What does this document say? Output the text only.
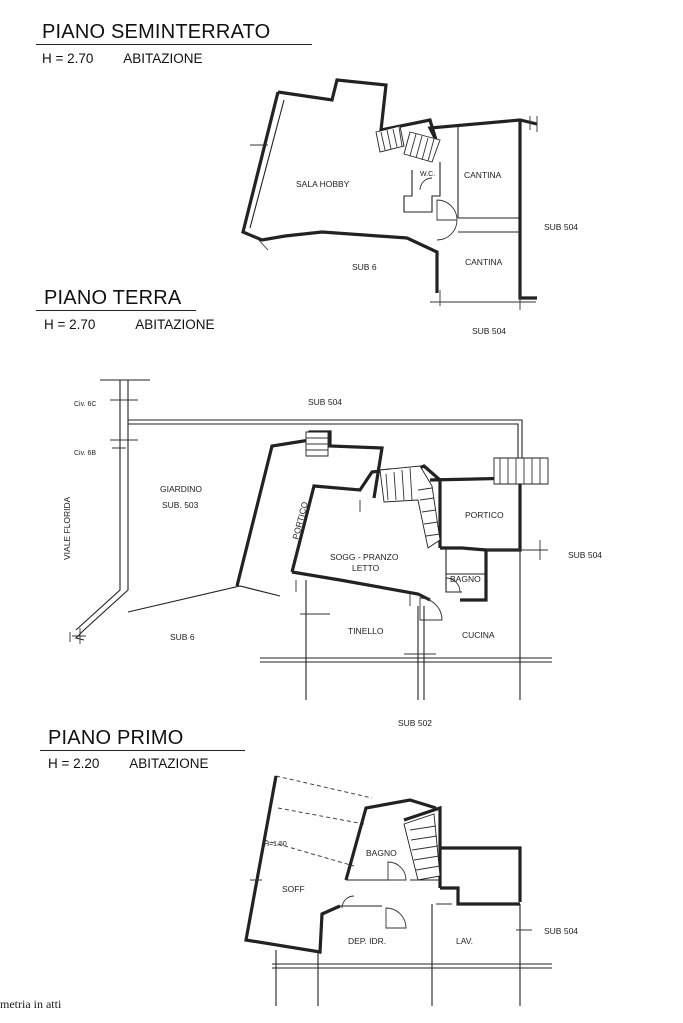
PIANO SEMINTERRATO
H = 2.70 ABITAZIONE
SALA HOBBY
W.C.	CANTINA
CANTINA
SUB 6
SUB 504
SUB 504
PIANO TERRA
H = 2.70	ABITAZIONE
Civ. 6C
Civ. 6B
SUB 504
GIARDINO
SUB. 503	PORTICO
SOGG - PRANZO
LETTO
PORTICO
BAGNO
TINELLO	CUCINA
VIALE FLORIDA
SUB 6
SUB 504
SUB 502
PIANO PRIMO
H = 2.20 ABITAZIONE
H=1.50
BAGNO
SOFF
DEP. IDR.	LAV.
SUB 504
metria in atti
